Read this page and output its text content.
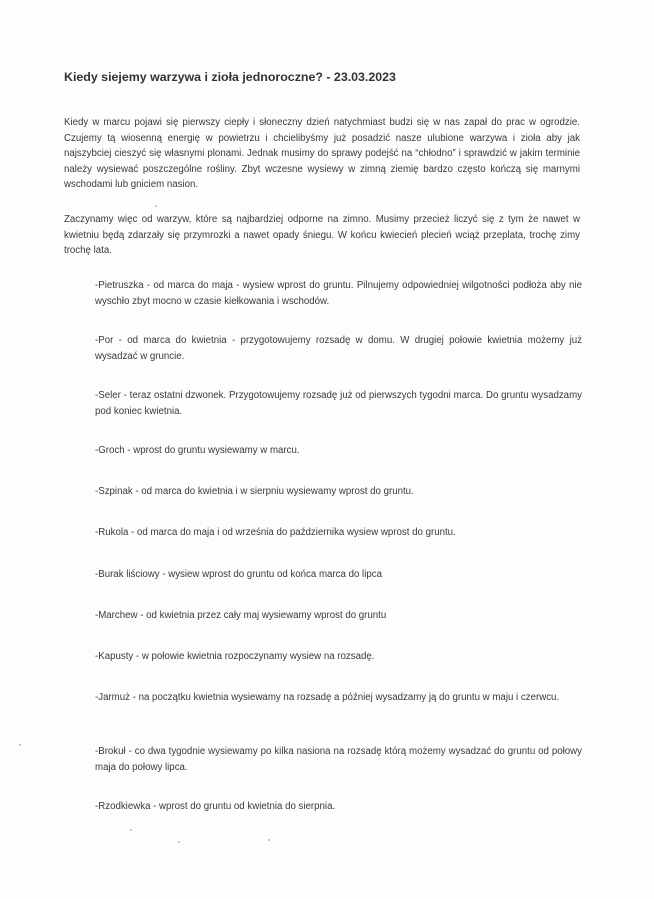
Kiedy siejemy warzywa i zioła jednoroczne? - 23.03.2023

Kiedy w marcu pojawi się pierwszy ciepły i słoneczny dzień natychmiast budzi się w nas zapał do prac w ogrodzie. Czujemy tą wiosenną energię w powietrzu i chcielibyśmy już posadzić nasze ulubione warzywa i zioła aby jak najszybciej cieszyć się własnymi plonami. Jednak musimy do sprawy podejść na “chłodno” i sprawdzić w jakim terminie należy wysiewać poszczególne rośliny. Zbyt wczesne wysiewy w zimną ziemię bardzo często kończą się marnymi wschodami lub gniciem nasion.

Zaczynamy więc od warzyw, które są najbardziej odporne na zimno. Musimy przecież liczyć się z tym że nawet w kwietniu będą zdarzały się przymrozki a nawet opady śniegu. W końcu kwiecień plecień wciąż przeplata, trochę zimy trochę lata.

-Pietruszka - od marca do maja - wysiew wprost do gruntu. Pilnujemy odpowiedniej wilgotności podłoża aby nie wyschło zbyt mocno w czasie kiełkowania i wschodów.

-Por - od marca do kwietnia - przygotowujemy rozsadę w domu. W drugiej połowie kwietnia możemy już wysadzać w gruncie.

-Seler - teraz ostatni dzwonek. Przygotowujemy rozsadę już od pierwszych tygodni marca. Do gruntu wysadzamy pod koniec kwietnia.

-Groch - wprost do gruntu wysiewamy w marcu.

-Szpinak - od marca do kwietnia i w sierpniu wysiewamy wprost do gruntu.

-Rukola - od marca do maja i od września do października wysiew wprost do gruntu.

-Burak liściowy - wysiew wprost do gruntu od końca marca do lipca

-Marchew - od kwietnia przez cały maj wysiewamy wprost do gruntu

-Kapusty - w połowie kwietnia rozpoczynamy wysiew na rozsadę.

-Jarmuż - na początku kwietnia wysiewamy na rozsadę a później wysadzamy ją do gruntu w maju i czerwcu.

-Brokuł - co dwa tygodnie wysiewamy po kilka nasiona na rozsadę którą możemy wysadzać do gruntu od połowy maja do połowy lipca.

-Rzodkiewka - wprost do gruntu od kwietnia do sierpnia.
